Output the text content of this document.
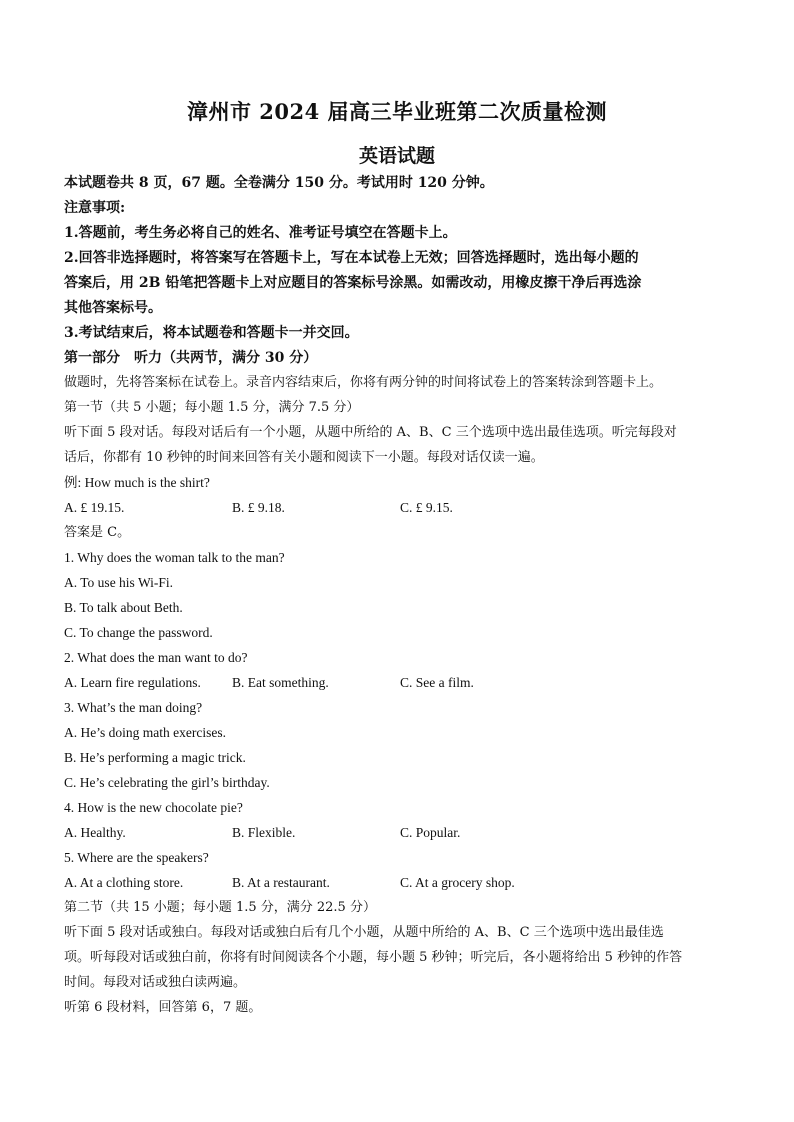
漳州市 2024 届高三毕业班第二次质量检测
英语试题
本试题卷共 8 页，67 题。全卷满分 150 分。考试用时 120 分钟。
注意事项:
1.答题前，考生务必将自己的姓名、准考证号填空在答题卡上。
2.回答非选择题时，将答案写在答题卡上，写在本试卷上无效；回答选择题时，选出每小题的
答案后，用 2B 铅笔把答题卡上对应题目的答案标号涂黑。如需改动，用橡皮擦干净后再选涂
其他答案标号。
3.考试结束后，将本试题卷和答题卡一并交回。
第一部分　听力（共两节，满分 30 分）
做题时，先将答案标在试卷上。录音内容结束后，你将有两分钟的时间将试卷上的答案转涂到答题卡上。
第一节（共 5 小题；每小题 1.5 分，满分 7.5 分）
听下面 5 段对话。每段对话后有一个小题，从题中所给的 A、B、C 三个选项中选出最佳选项。听完每段对
话后，你都有 10 秒钟的时间来回答有关小题和阅读下一小题。每段对话仅读一遍。
例: How much is the shirt?
A. £ 19.15.	B. £ 9.18.	C. £ 9.15.
答案是 C。
1. Why does the woman talk to the man?
A. To use his Wi-Fi.
B. To talk about Beth.
C. To change the password.
2. What does the man want to do?
A. Learn fire regulations. B. Eat something.	C. See a film.
3. What’s the man doing?
A. He’s doing math exercises.
B. He’s performing a magic trick.
C. He’s celebrating the girl’s birthday.
4. How is the new chocolate pie?
A. Healthy.	B. Flexible.	C. Popular.
5. Where are the speakers?
A. At a clothing store.	B. At a restaurant.	C. At a grocery shop.
第二节（共 15 小题；每小题 1.5 分，满分 22.5 分）
听下面 5 段对话或独白。每段对话或独白后有几个小题，从题中所给的 A、B、C 三个选项中选出最佳选
项。听每段对话或独白前，你将有时间阅读各个小题，每小题 5 秒钟；听完后，各小题将给出 5 秒钟的作答
时间。每段对话或独白读两遍。
听第 6 段材料，回答第 6，7 题。
